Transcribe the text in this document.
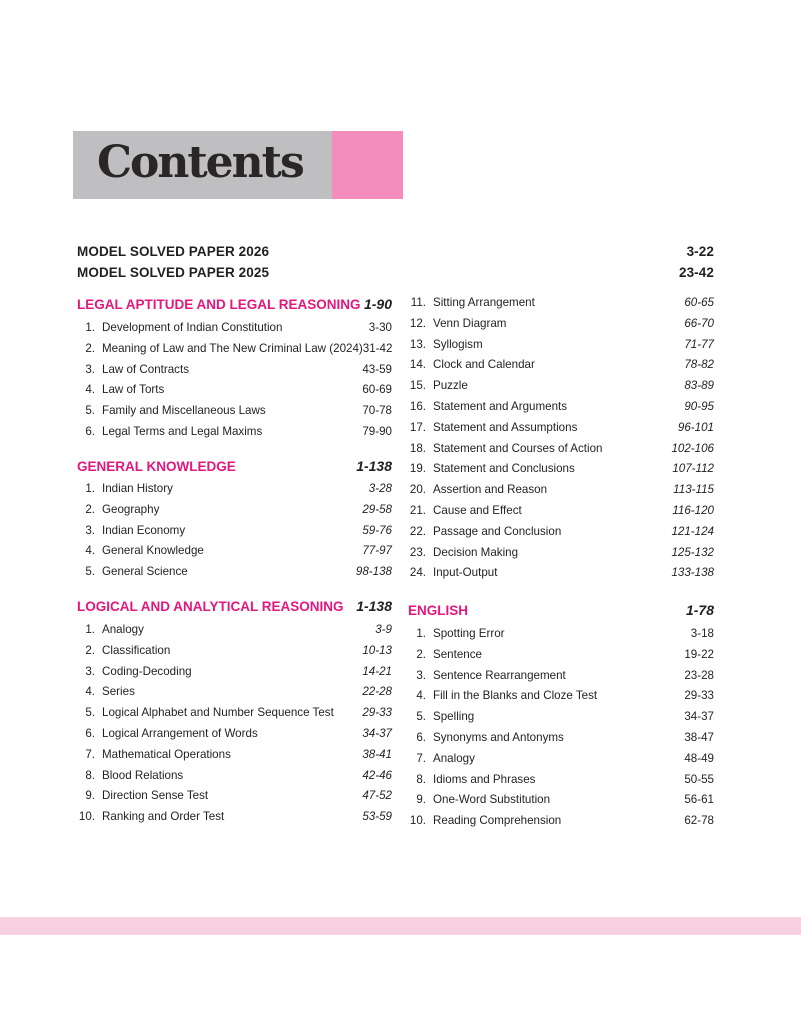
Contents
MODEL SOLVED PAPER 2026	3-22
MODEL SOLVED PAPER 2025	23-42
LEGAL APTITUDE AND LEGAL REASONING 1-90
1. Development of Indian Constitution	3-30
2. Meaning of Law and The New Criminal Law (2024) 31-42
3. Law of Contracts	43-59
4. Law of Torts	60-69
5. Family and Miscellaneous Laws	70-78
6. Legal Terms and Legal Maxims	79-90
GENERAL KNOWLEDGE	1-138
1. Indian History	3-28
2. Geography	29-58
3. Indian Economy	59-76
4. General Knowledge	77-97
5. General Science	98-138
LOGICAL AND ANALYTICAL REASONING 1-138
1. Analogy	3-9
2. Classification	10-13
3. Coding-Decoding	14-21
4. Series	22-28
5. Logical Alphabet and Number Sequence Test	29-33
6. Logical Arrangement of Words	34-37
7. Mathematical Operations	38-41
8. Blood Relations	42-46
9. Direction Sense Test	47-52
10. Ranking and Order Test	53-59
11. Sitting Arrangement	60-65
12. Venn Diagram	66-70
13. Syllogism	71-77
14. Clock and Calendar	78-82
15. Puzzle	83-89
16. Statement and Arguments	90-95
17. Statement and Assumptions	96-101
18. Statement and Courses of Action	102-106
19. Statement and Conclusions	107-112
20. Assertion and Reason	113-115
21. Cause and Effect	116-120
22. Passage and Conclusion	121-124
23. Decision Making	125-132
24. Input-Output	133-138
ENGLISH	1-78
1. Spotting Error	3-18
2. Sentence	19-22
3. Sentence Rearrangement	23-28
4. Fill in the Blanks and Cloze Test	29-33
5. Spelling	34-37
6. Synonyms and Antonyms	38-47
7. Analogy	48-49
8. Idioms and Phrases	50-55
9. One-Word Substitution	56-61
10. Reading Comprehension	62-78
